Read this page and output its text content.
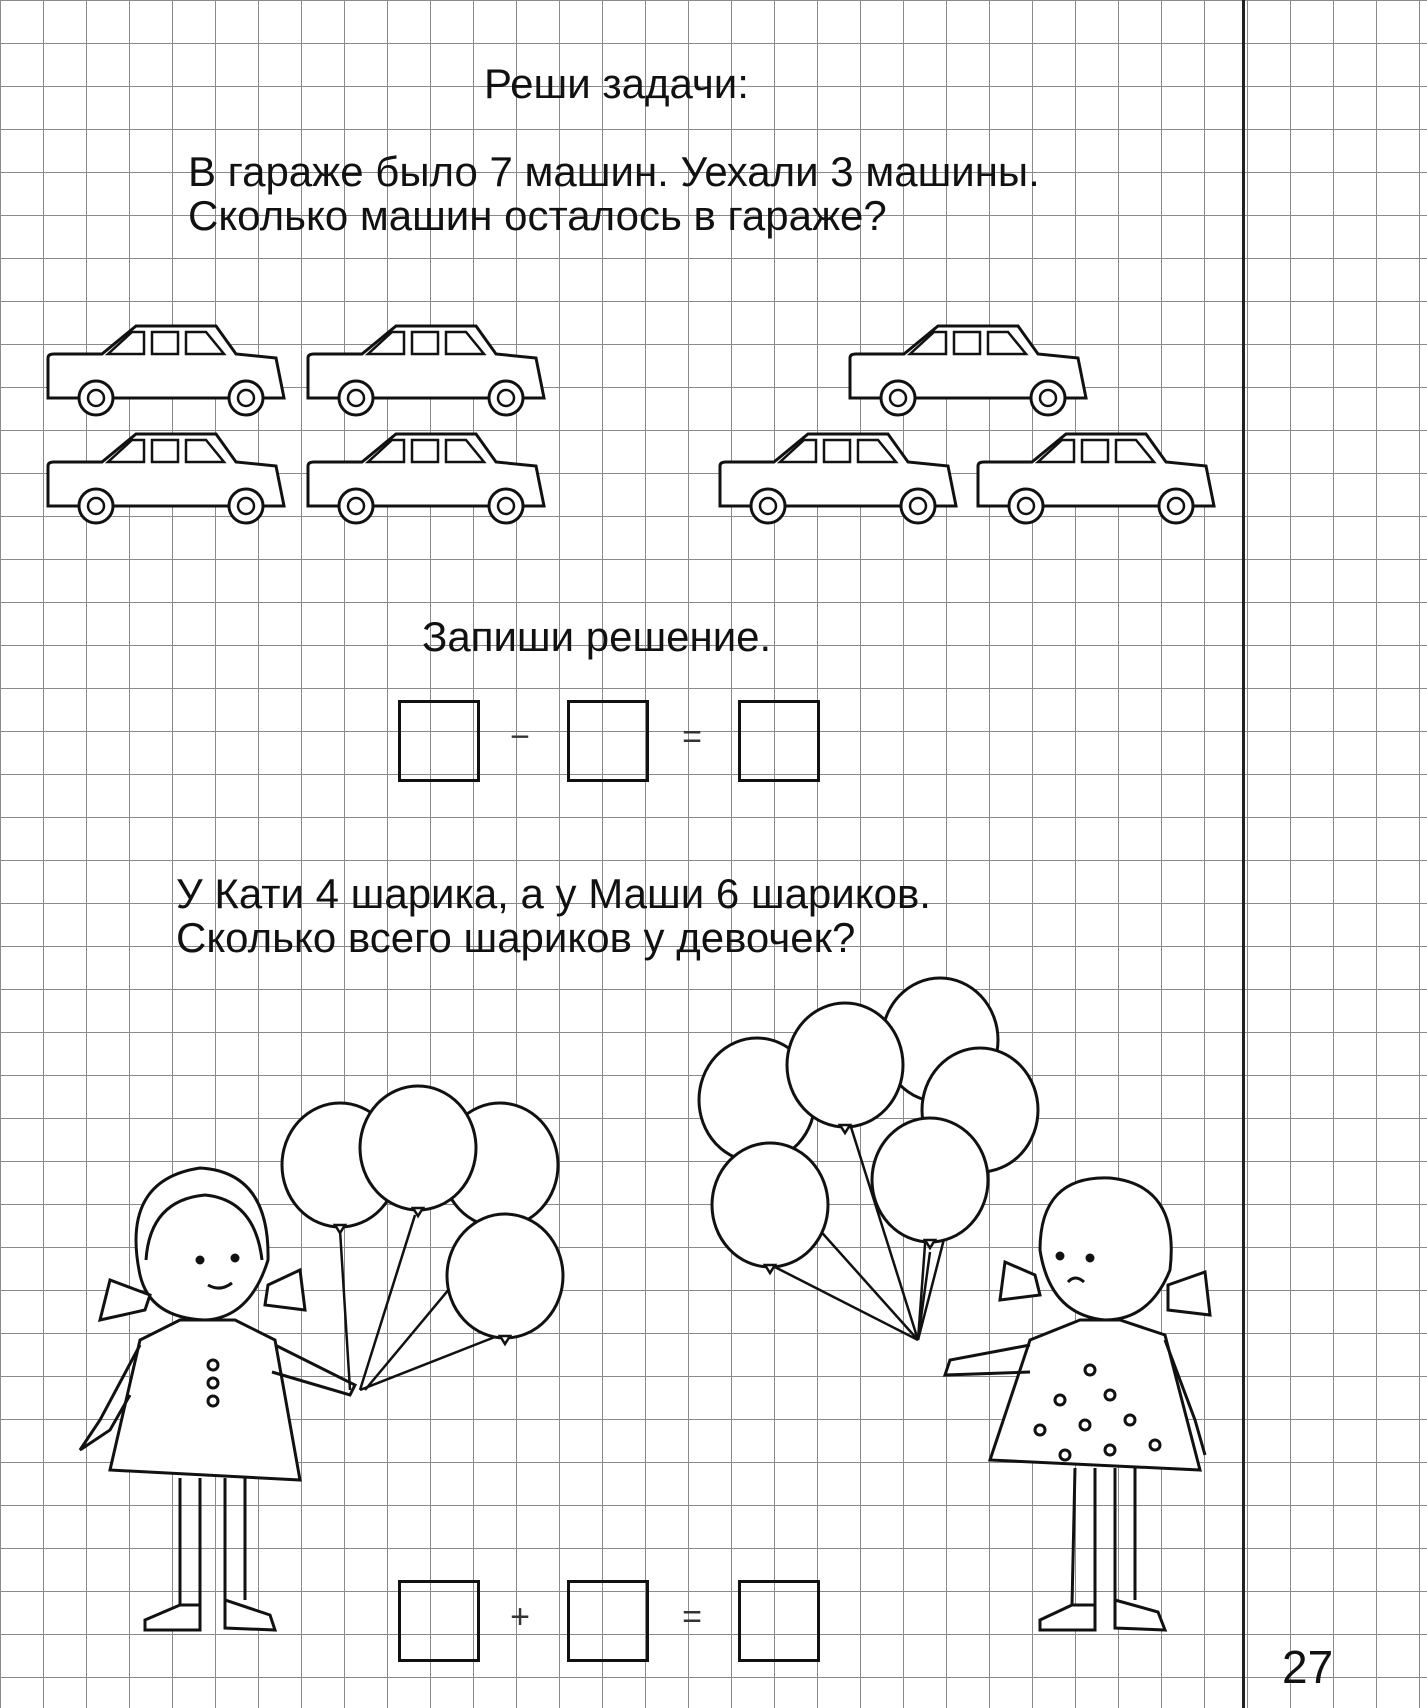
Реши задачи:
В гараже было 7 машин. Уехали 3 машины.
Сколько машин осталось в гараже?
Запиши решение.
−	=
У Кати 4 шарика, а у Маши 6 шариков.
Сколько всего шариков у девочек?
+	=
27
